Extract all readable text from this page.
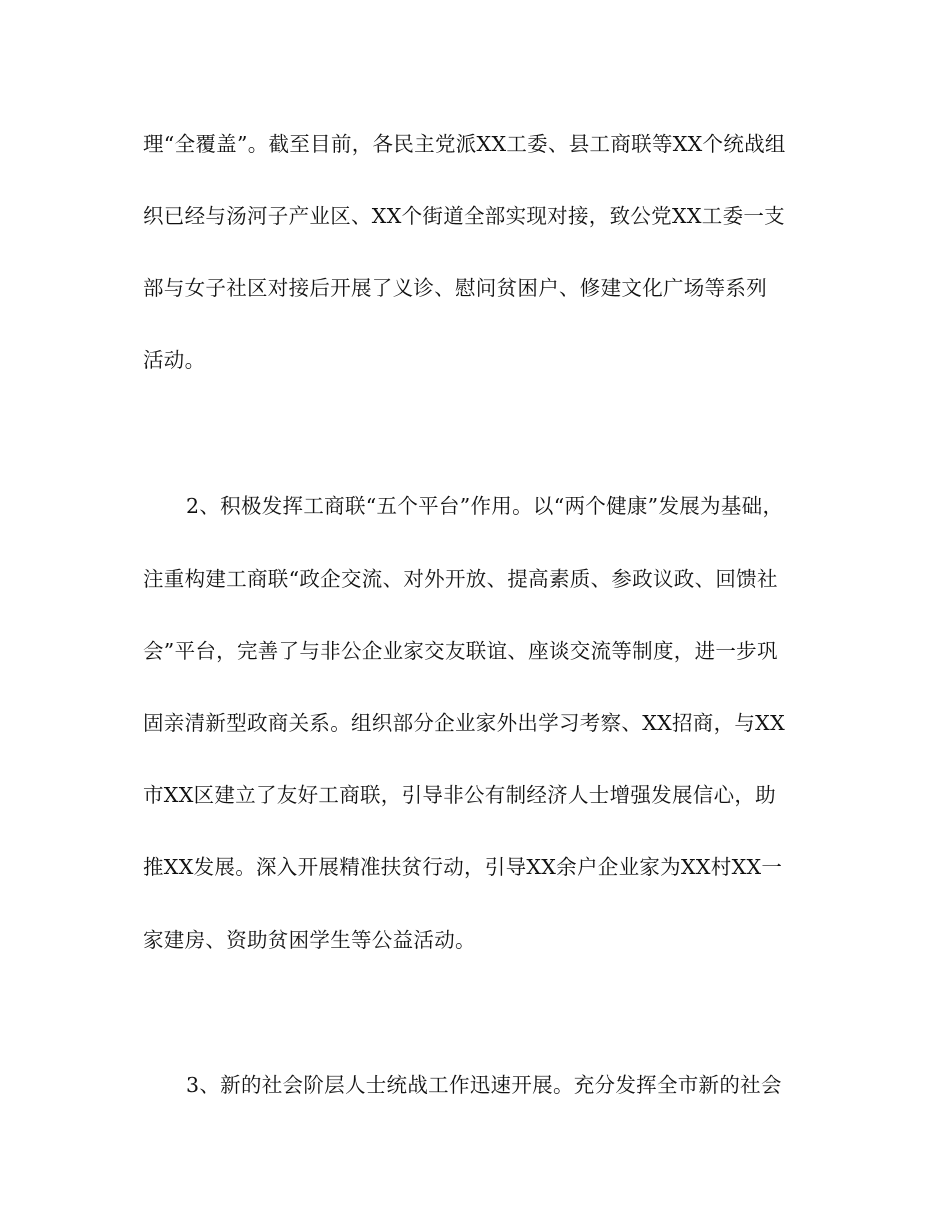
理“全覆盖”。截至目前，各民主党派XX工委、县工商联等XX个统战组
织已经与汤河子产业区、XX个街道全部实现对接，致公党XX工委一支
部与女子社区对接后开展了义诊、慰问贫困户、修建文化广场等系列
活动。
2、积极发挥工商联“五个平台”作用。以“两个健康”发展为基础，
注重构建工商联“政企交流、对外开放、提高素质、参政议政、回馈社
会”平台，完善了与非公企业家交友联谊、座谈交流等制度，进一步巩
固亲清新型政商关系。组织部分企业家外出学习考察、XX招商，与XX
市XX区建立了友好工商联，引导非公有制经济人士增强发展信心，助
推XX发展。深入开展精准扶贫行动，引导XX余户企业家为XX村XX一
家建房、资助贫困学生等公益活动。
3、新的社会阶层人士统战工作迅速开展。充分发挥全市新的社会
